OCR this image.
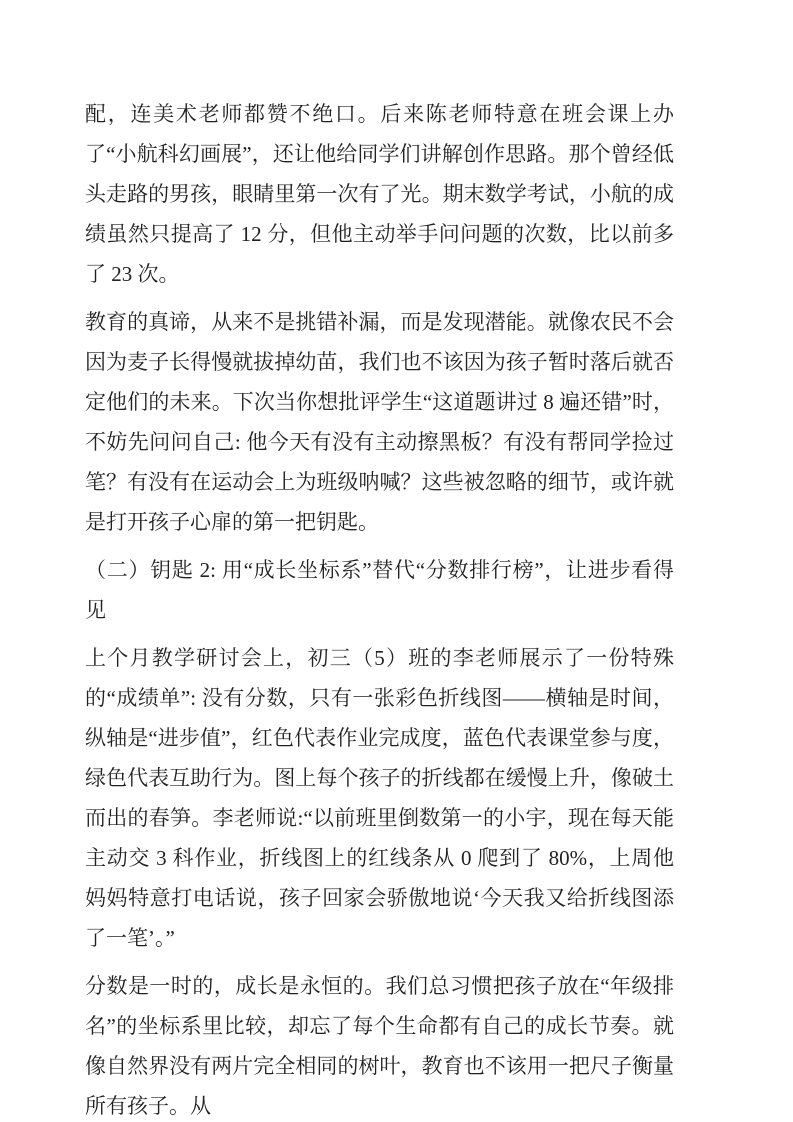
配，连美术老师都赞不绝口。后来陈老师特意在班会课上办了“小航科幻画展”，还让他给同学们讲解创作思路。那个曾经低头走路的男孩，眼睛里第一次有了光。期末数学考试，小航的成绩虽然只提高了 12 分，但他主动举手问问题的次数，比以前多了 23 次。

教育的真谛，从来不是挑错补漏，而是发现潜能。就像农民不会因为麦子长得慢就拔掉幼苗，我们也不该因为孩子暂时落后就否定他们的未来。下次当你想批评学生“这道题讲过 8 遍还错”时，不妨先问问自己: 他今天有没有主动擦黑板？有没有帮同学捡过笔？有没有在运动会上为班级呐喊？这些被忽略的细节，或许就是打开孩子心扉的第一把钥匙。

（二）钥匙 2: 用“成长坐标系”替代“分数排行榜”，让进步看得见

上个月教学研讨会上，初三（5）班的李老师展示了一份特殊的“成绩单”: 没有分数，只有一张彩色折线图——横轴是时间，纵轴是“进步值”，红色代表作业完成度，蓝色代表课堂参与度，绿色代表互助行为。图上每个孩子的折线都在缓慢上升，像破土而出的春笋。李老师说:“以前班里倒数第一的小宇，现在每天能主动交 3 科作业，折线图上的红线条从 0 爬到了 80%，上周他妈妈特意打电话说，孩子回家会骄傲地说‘今天我又给折线图添了一笔’。”

分数是一时的，成长是永恒的。我们总习惯把孩子放在“年级排名”的坐标系里比较，却忘了每个生命都有自己的成长节奏。就像自然界没有两片完全相同的树叶，教育也不该用一把尺子衡量所有孩子。从
